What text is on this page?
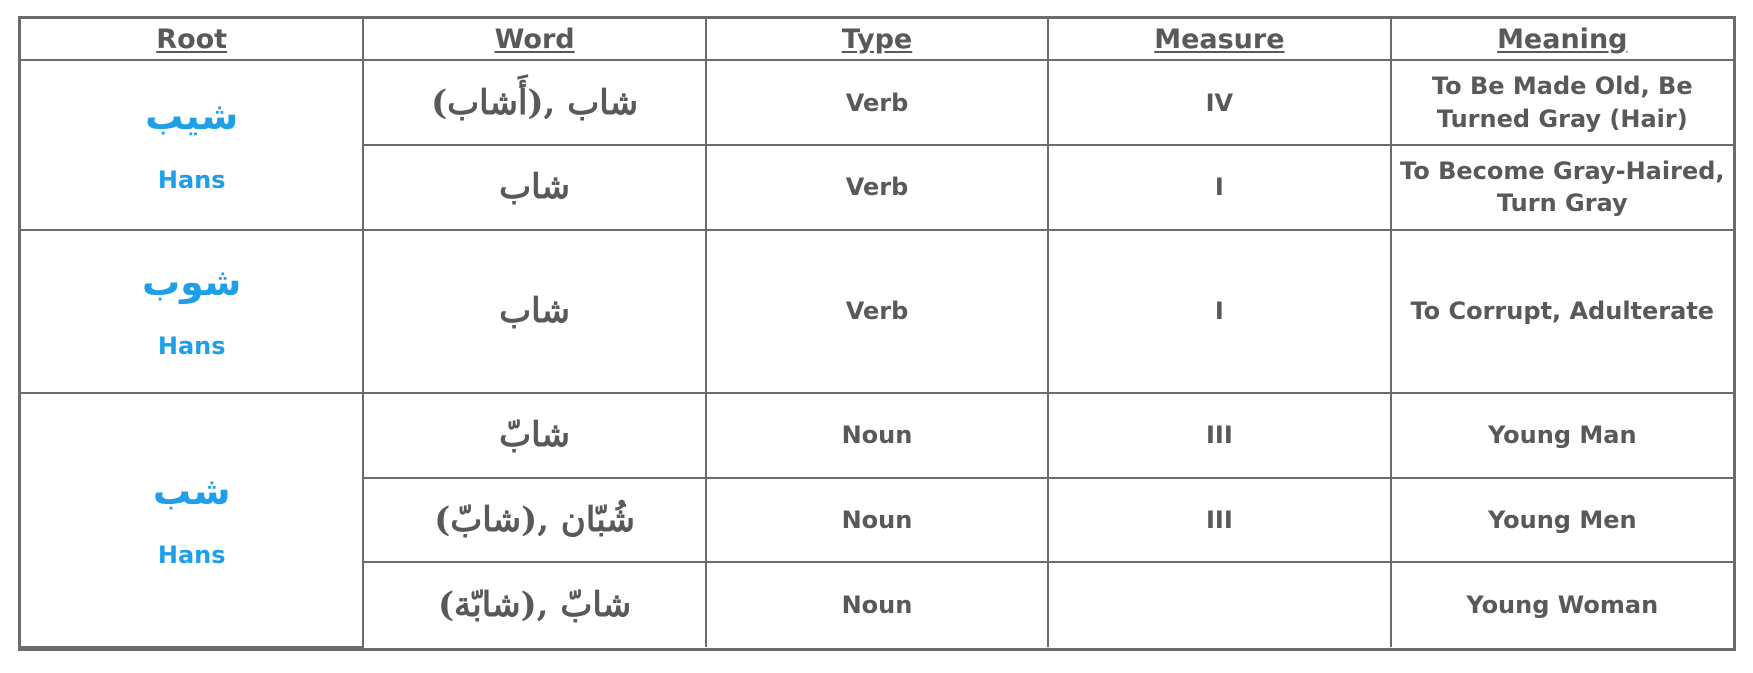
Root	Word	Type	Measure	Meaning

شيب
Hans	شاب ,(أَشاب)	Verb	IV	To Be Made Old, Be Turned Gray (Hair)
	شاب	Verb	I	To Become Gray-Haired, Turn Gray

شوب
Hans	شاب	Verb	I	To Corrupt, Adulterate

شب
Hans	شابّ	Noun	III	Young Man
	شُبّان ,(شابّ)	Noun	III	Young Men
	شابّ ,(شابّة)	Noun		Young Woman
